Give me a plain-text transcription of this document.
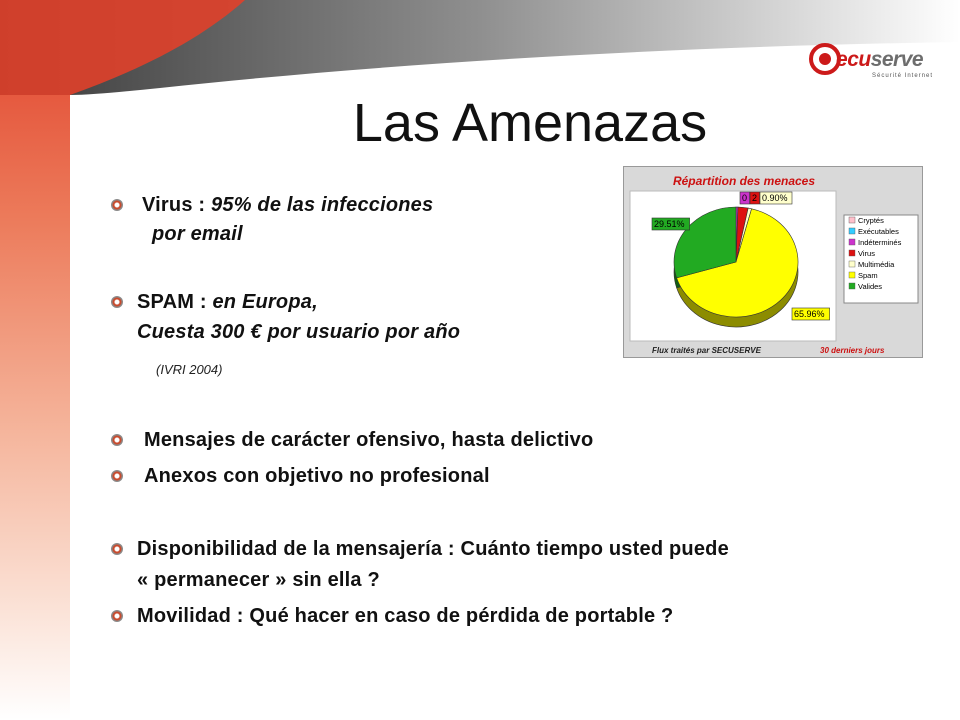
ecuserve
Sécurité Internet
Las Amenazas
Virus : 95% de las infecciones
por email
SPAM : en Europa,
Cuesta 300 € por usuario por año
(IVRI 2004)
Mensajes de carácter ofensivo, hasta delictivo
Anexos con objetivo no profesional
Disponibilidad de la mensajería : Cuánto tiempo usted puede
« permanecer » sin ella ?
Movilidad : Qué hacer en caso de pérdida de portable ?
Répartition des menaces
29.51%
65.96%
0.90%
0 2
Cryptés
Exécutables
Indéterminés
Virus
Multimédia
Spam
Valides
Flux traités par SECUSERVE	30 derniers jours
